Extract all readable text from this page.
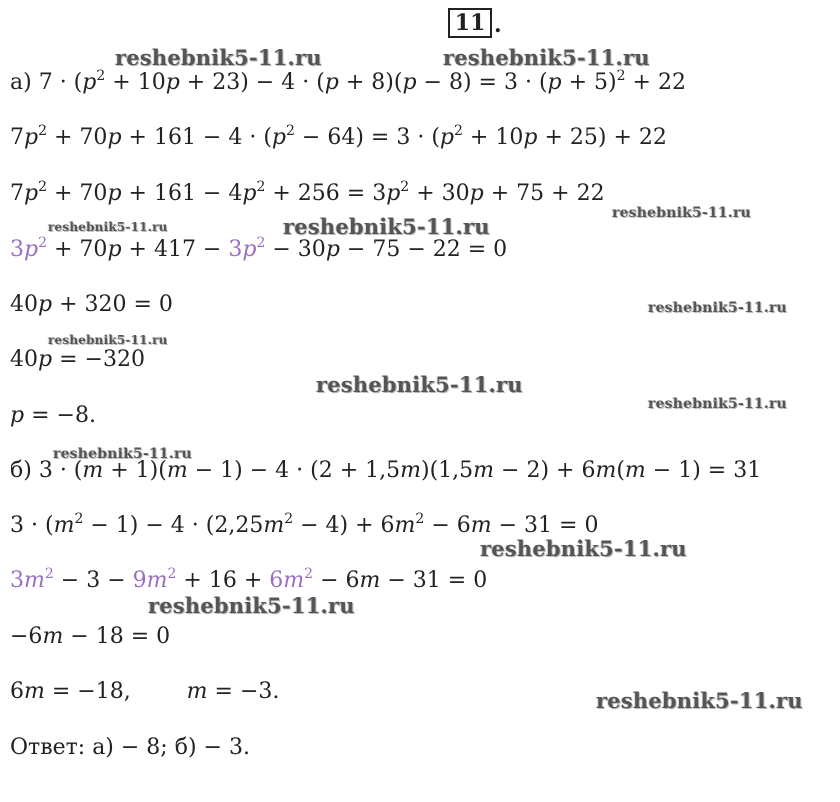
11 .
а) $7 \cdot (p^2 + 10p + 23) - 4 \cdot (p + 8)(p - 8) = 3 \cdot (p + 5)^2 + 22$
$7p^2 + 70p + 161 - 4 \cdot (p^2 - 64) = 3 \cdot (p^2 + 10p + 25) + 22$
$7p^2 + 70p + 161 - 4p^2 + 256 = 3p^2 + 30p + 75 + 22$
$3p^2 + 70p + 417 - 3p^2 - 30p - 75 - 22 = 0$
40p + 320 = 0
40p = −320
p = −8.
б) 3 · (m + 1)(m − 1) − 4 · (2 + 1,5m)(1,5m − 2) + 6m(m − 1) = 31
$3 \cdot (m^2 - 1) - 4 \cdot (2,25m^2 - 4) + 6m^2 - 6m - 31 = 0$
$3m^2 - 3 - 9m^2 + 16 + 6m^2 - 6m - 31 = 0$
−6m − 18 = 0
6m = −18,	m = −3.
Ответ: а) − 8; б) − 3.
reshebnik5-11.ru	reshebnik5-11.ru
reshebnik5-11.ru	reshebnik5-11.ru
reshebnik5-11.ru
reshebnik5-11.ru
reshebnik5-11.ru
reshebnik5-11.ru
reshebnik5-11.ru
reshebnik5-11.ru
reshebnik5-11.ru
reshebnik5-11.ru
reshebnik5-11.ru
